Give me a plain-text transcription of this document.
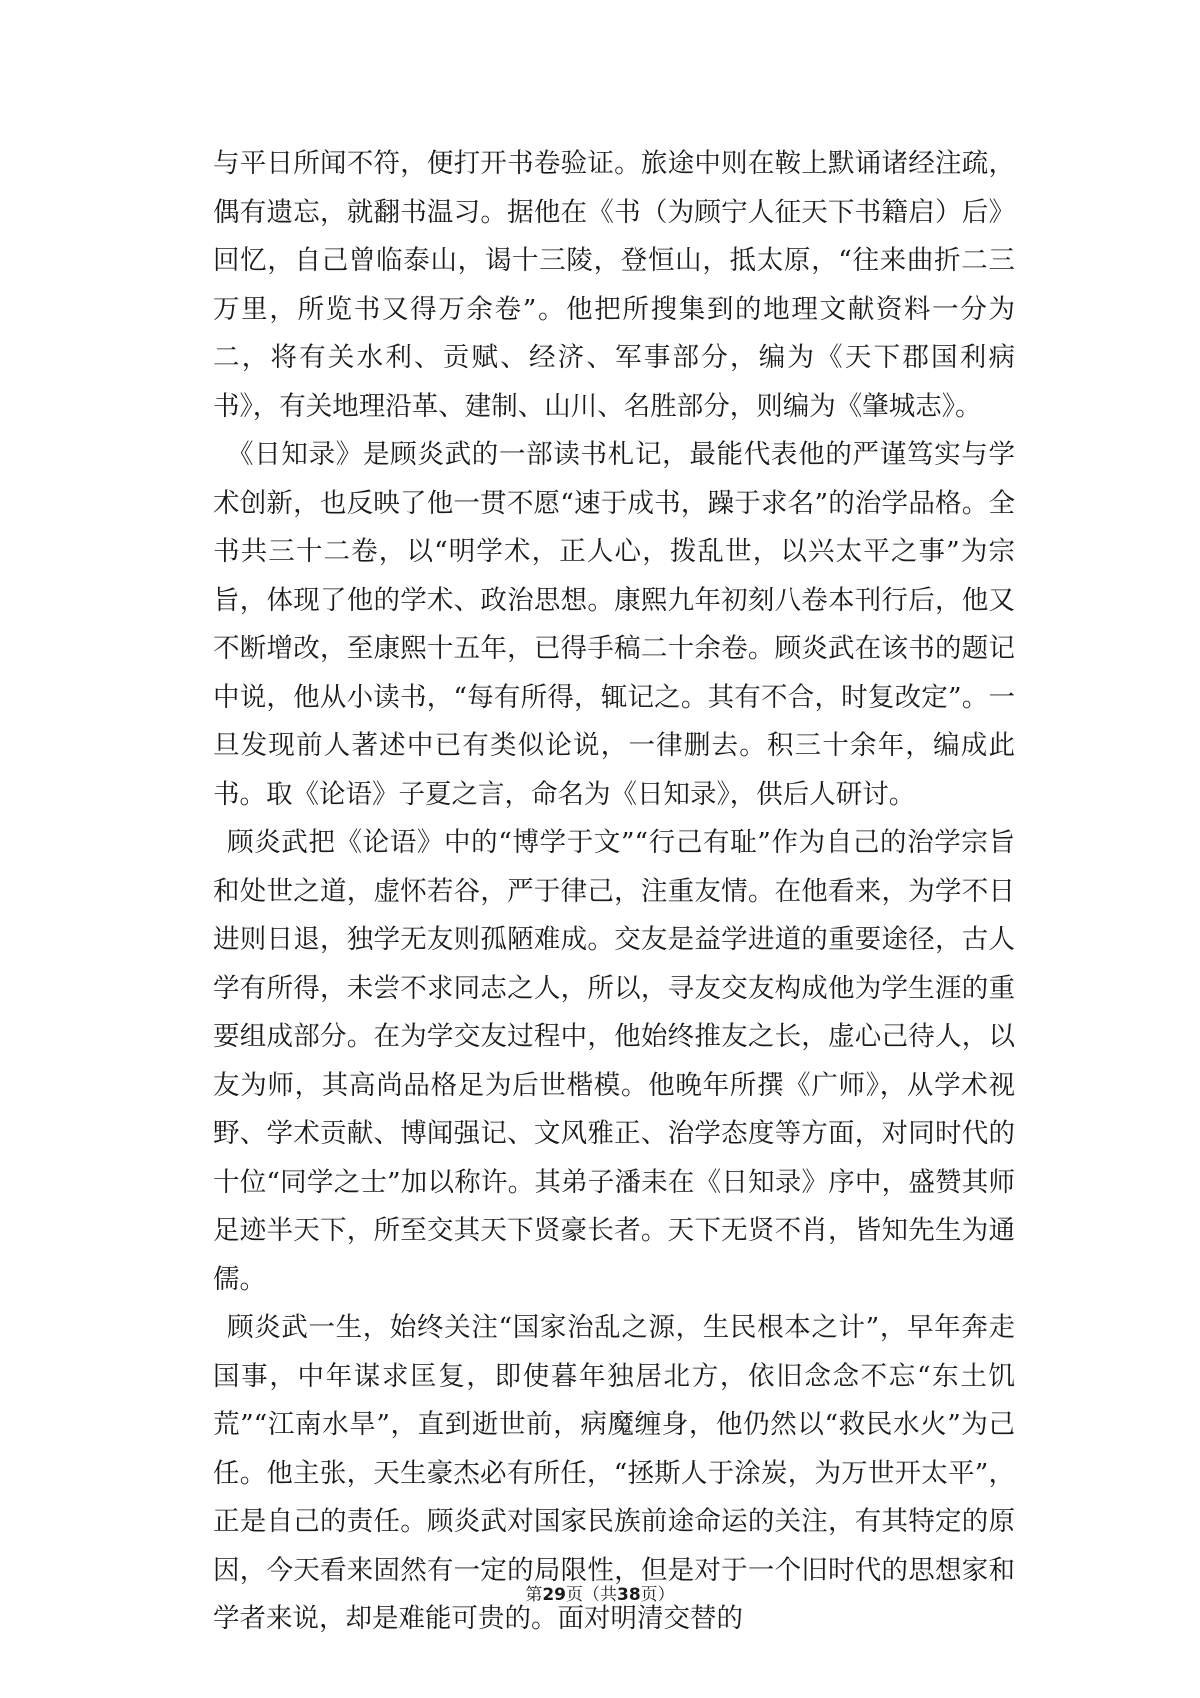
与平日所闻不符，便打开书卷验证。旅途中则在鞍上默诵诸经注疏，偶有遗忘，就翻书温习。据他在《书（为顾宁人征天下书籍启）后》回忆，自己曾临泰山，谒十三陵，登恒山，抵太原，“往来曲折二三万里，所览书又得万余卷”。他把所搜集到的地理文献资料一分为二，将有关水利、贡赋、经济、军事部分，编为《天下郡国利病书》，有关地理沿革、建制、山川、名胜部分，则编为《肇城志》。

《日知录》是顾炎武的一部读书札记，最能代表他的严谨笃实与学术创新，也反映了他一贯不愿“速于成书，躁于求名”的治学品格。全书共三十二卷，以“明学术，正人心，拨乱世，以兴太平之事”为宗旨，体现了他的学术、政治思想。康熙九年初刻八卷本刊行后，他又不断增改，至康熙十五年，已得手稿二十余卷。顾炎武在该书的题记中说，他从小读书，“每有所得，辄记之。其有不合，时复改定”。一旦发现前人著述中已有类似论说，一律删去。积三十余年，编成此书。取《论语》子夏之言，命名为《日知录》，供后人研讨。

顾炎武把《论语》中的“博学于文”“行己有耻”作为自己的治学宗旨和处世之道，虚怀若谷，严于律己，注重友情。在他看来，为学不日进则日退，独学无友则孤陋难成。交友是益学进道的重要途径，古人学有所得，未尝不求同志之人，所以，寻友交友构成他为学生涯的重要组成部分。在为学交友过程中，他始终推友之长，虚心己待人，以友为师，其高尚品格足为后世楷模。他晚年所撰《广师》，从学术视野、学术贡献、博闻强记、文风雅正、治学态度等方面，对同时代的十位“同学之士”加以称许。其弟子潘耒在《日知录》序中，盛赞其师足迹半天下，所至交其天下贤豪长者。天下无贤不肖，皆知先生为通儒。

顾炎武一生，始终关注“国家治乱之源，生民根本之计”，早年奔走国事，中年谋求匡复，即使暮年独居北方，依旧念念不忘“东土饥荒”“江南水旱”，直到逝世前，病魔缠身，他仍然以“救民水火”为己任。他主张，天生豪杰必有所任，“拯斯人于涂炭，为万世开太平”，正是自己的责任。顾炎武对国家民族前途命运的关注，有其特定的原因，今天看来固然有一定的局限性，但是对于一个旧时代的思想家和学者来说，却是难能可贵的。面对明清交替的

第29页（共38页）
